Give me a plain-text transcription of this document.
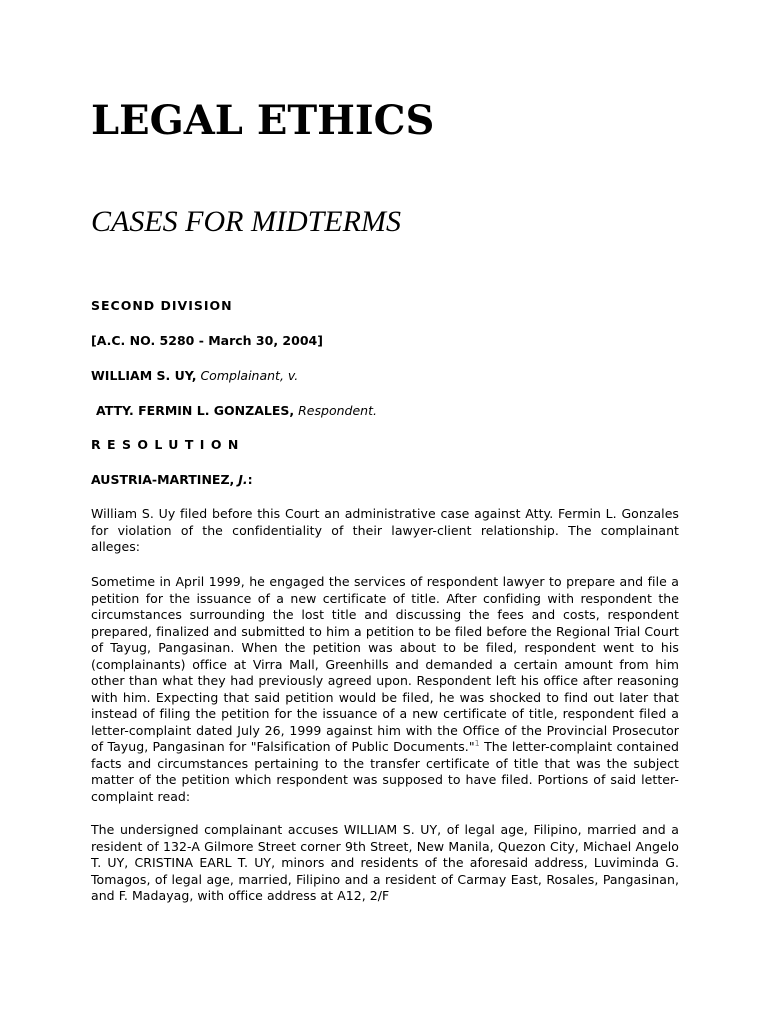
LEGAL ETHICS
CASES FOR MIDTERMS

SECOND DIVISION

[A.C. NO. 5280 - March 30, 2004]

WILLIAM S. UY, Complainant, v.

ATTY. FERMIN L. GONZALES, Respondent.

RESOLUTION

AUSTRIA-MARTINEZ, J.:

William S. Uy filed before this Court an administrative case against Atty. Fermin L. Gonzales for violation of the confidentiality of their lawyer-client relationship. The complainant alleges:

Sometime in April 1999, he engaged the services of respondent lawyer to prepare and file a petition for the issuance of a new certificate of title. After confiding with respondent the circumstances surrounding the lost title and discussing the fees and costs, respondent prepared, finalized and submitted to him a petition to be filed before the Regional Trial Court of Tayug, Pangasinan. When the petition was about to be filed, respondent went to his (complainants) office at Virra Mall, Greenhills and demanded a certain amount from him other than what they had previously agreed upon. Respondent left his office after reasoning with him. Expecting that said petition would be filed, he was shocked to find out later that instead of filing the petition for the issuance of a new certificate of title, respondent filed a letter-complaint dated July 26, 1999 against him with the Office of the Provincial Prosecutor of Tayug, Pangasinan for "Falsification of Public Documents."$^1$ The letter-complaint contained facts and circumstances pertaining to the transfer certificate of title that was the subject matter of the petition which respondent was supposed to have filed. Portions of said letter-complaint read:

The undersigned complainant accuses WILLIAM S. UY, of legal age, Filipino, married and a resident of 132-A Gilmore Street corner 9th Street, New Manila, Quezon City, Michael Angelo T. UY, CRISTINA EARL T. UY, minors and residents of the aforesaid address, Luviminda G. Tomagos, of legal age, married, Filipino and a resident of Carmay East, Rosales, Pangasinan, and F. Madayag, with office address at A12, 2/F
